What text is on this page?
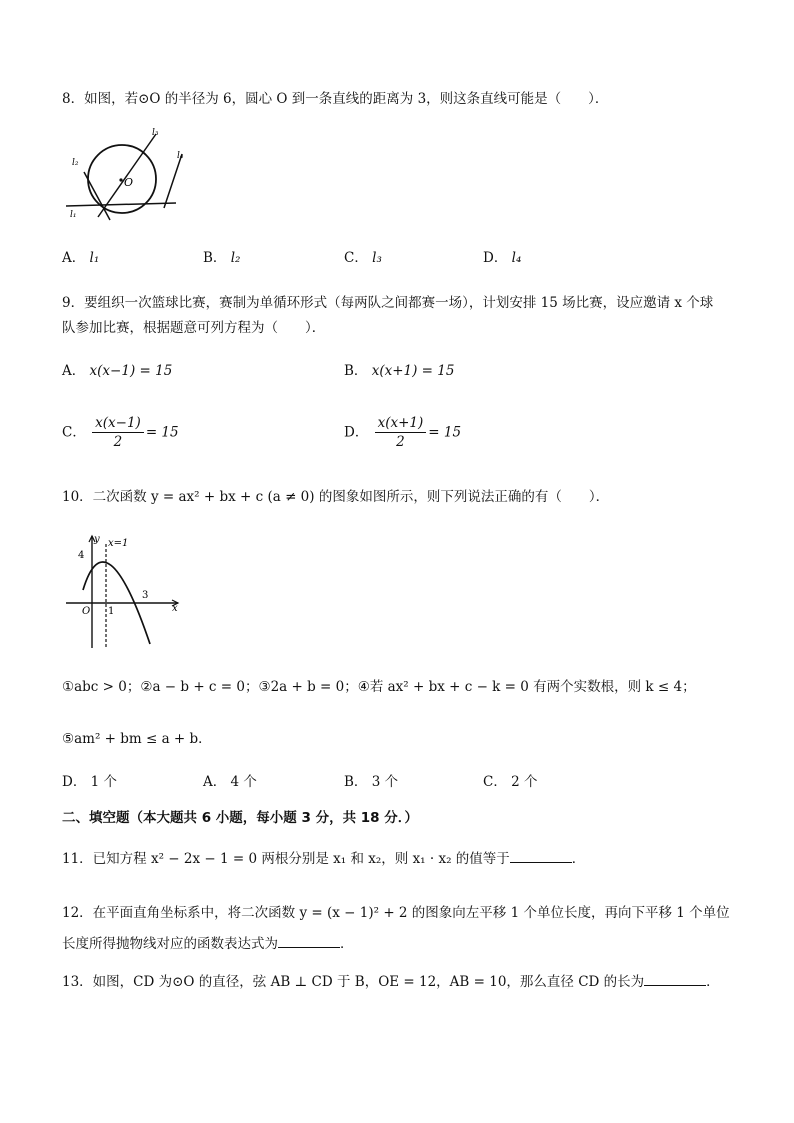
8．如图，若⊙O 的半径为 6，圆心 O 到一条直线的距离为 3，则这条直线可能是（　　）．
O
l₃
l₂
l₄
l₁
A． l₁	B． l₂	C． l₃	D． l₄
9．要组织一次篮球比赛，赛制为单循环形式（每两队之间都赛一场），计划安排 15 场比赛，设应邀请 x 个球
队参加比赛，根据题意可列方程为（　　）．
A． x(x−1) = 15	B． x(x+1) = 15
C． $\frac{x(x-1)}{2} = 15$	D． $\frac{x(x+1)}{2} = 15$
10．二次函数 y = ax² + bx + c (a ≠ 0) 的图象如图所示，则下列说法正确的有（　　）．
y x=1
4
3
x
O 1
①abc > 0；②a − b + c = 0；③2a + b = 0；④若 ax² + bx + c − k = 0 有两个实数根，则 k ≤ 4；
⑤am² + bm ≤ a + b．
D． 1 个	A． 4 个	B． 3 个	C． 2 个
二、填空题（本大题共 6 小题，每小题 3 分，共 18 分．）
11．已知方程 x² − 2x − 1 = 0 两根分别是 x₁ 和 x₂，则 x₁ · x₂ 的值等于	．
12．在平面直角坐标系中，将二次函数 y = (x − 1)² + 2 的图象向左平移 1 个单位长度，再向下平移 1 个单位
长度所得抛物线对应的函数表达式为	．
13．如图，CD 为⊙O 的直径，弦 AB ⊥ CD 于 B，OE = 12，AB = 10，那么直径 CD 的长为	．
